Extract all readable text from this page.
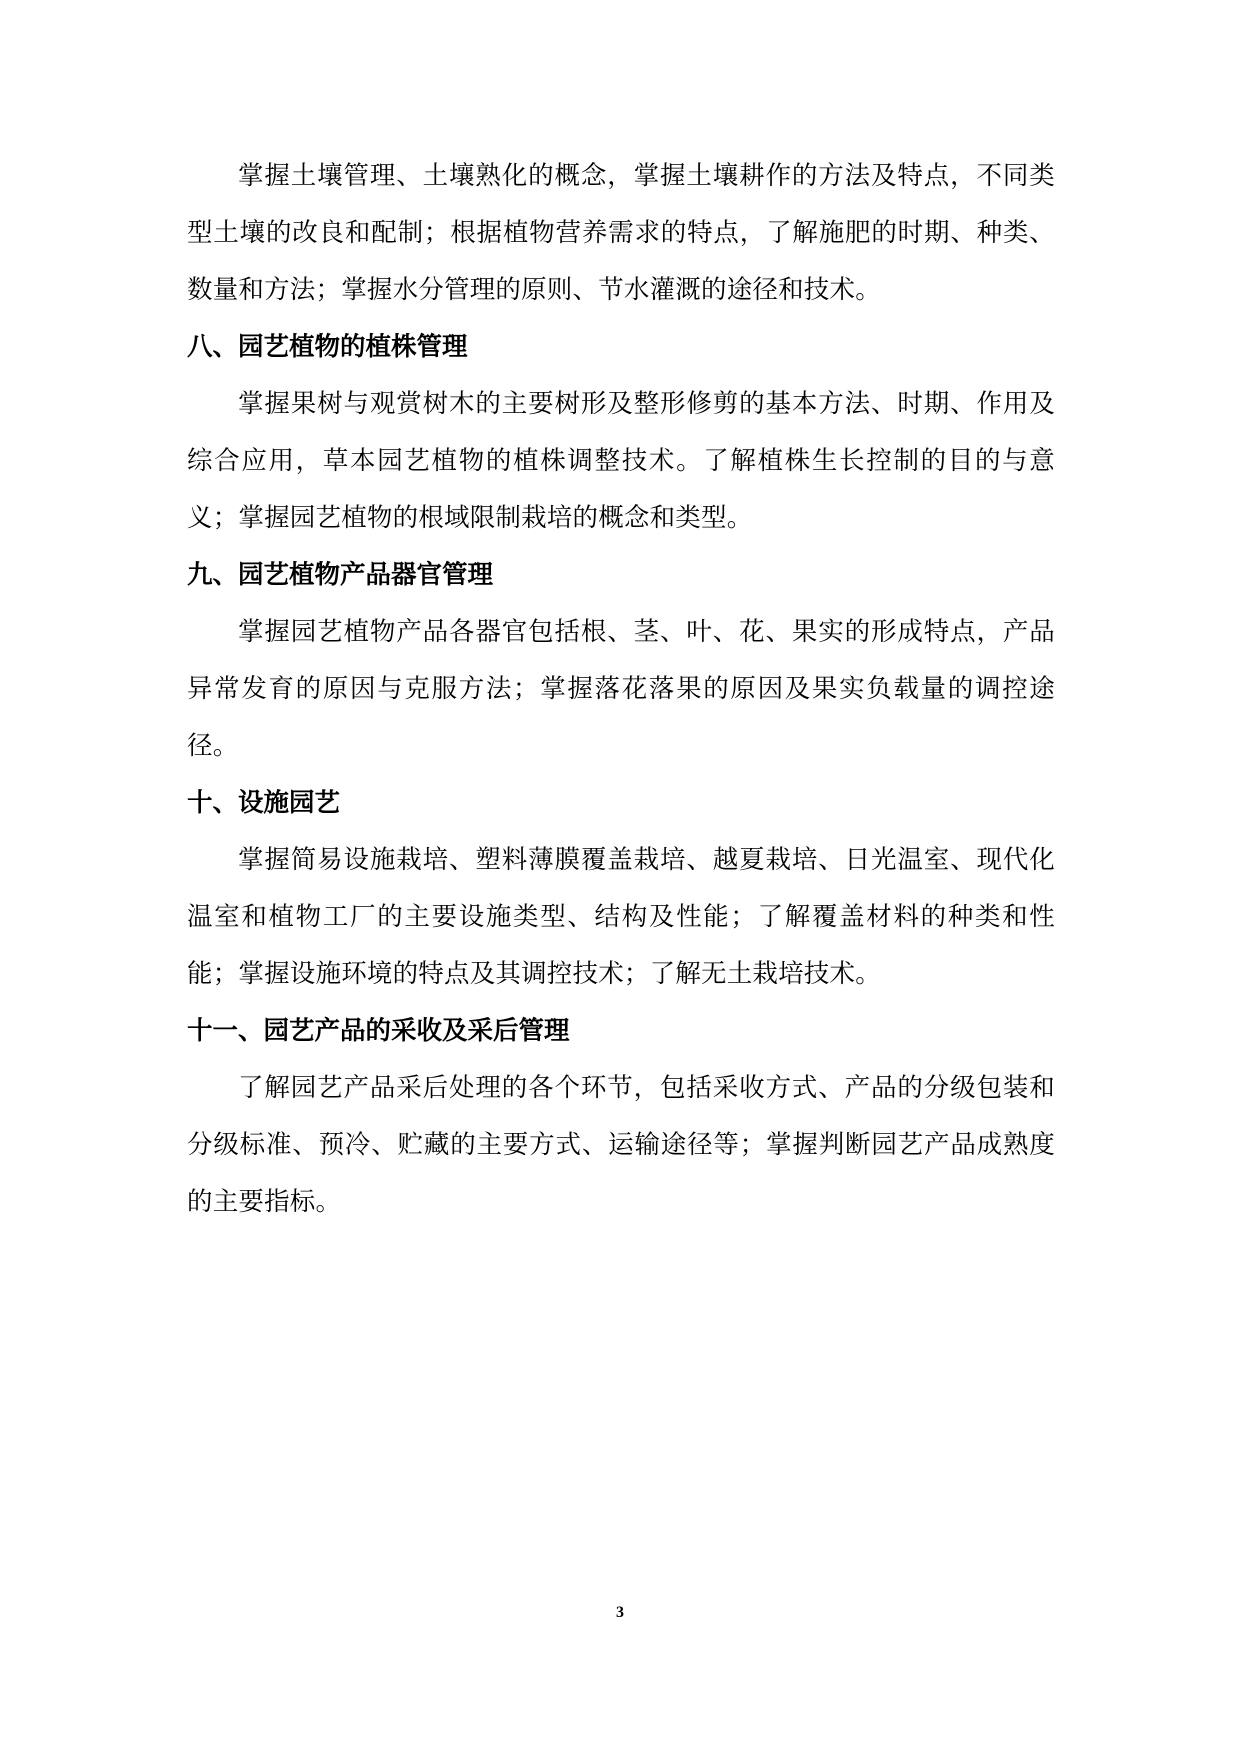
掌握土壤管理、土壤熟化的概念，掌握土壤耕作的方法及特点，不同类型土壤的改良和配制；根据植物营养需求的特点，了解施肥的时期、种类、数量和方法；掌握水分管理的原则、节水灌溉的途径和技术。

八、园艺植物的植株管理

掌握果树与观赏树木的主要树形及整形修剪的基本方法、时期、作用及综合应用，草本园艺植物的植株调整技术。了解植株生长控制的目的与意义；掌握园艺植物的根域限制栽培的概念和类型。

九、园艺植物产品器官管理

掌握园艺植物产品各器官包括根、茎、叶、花、果实的形成特点，产品异常发育的原因与克服方法；掌握落花落果的原因及果实负载量的调控途径。

十、设施园艺

掌握简易设施栽培、塑料薄膜覆盖栽培、越夏栽培、日光温室、现代化温室和植物工厂的主要设施类型、结构及性能；了解覆盖材料的种类和性能；掌握设施环境的特点及其调控技术；了解无土栽培技术。

十一、园艺产品的采收及采后管理

了解园艺产品采后处理的各个环节，包括采收方式、产品的分级包装和分级标准、预冷、贮藏的主要方式、运输途径等；掌握判断园艺产品成熟度的主要指标。

3
